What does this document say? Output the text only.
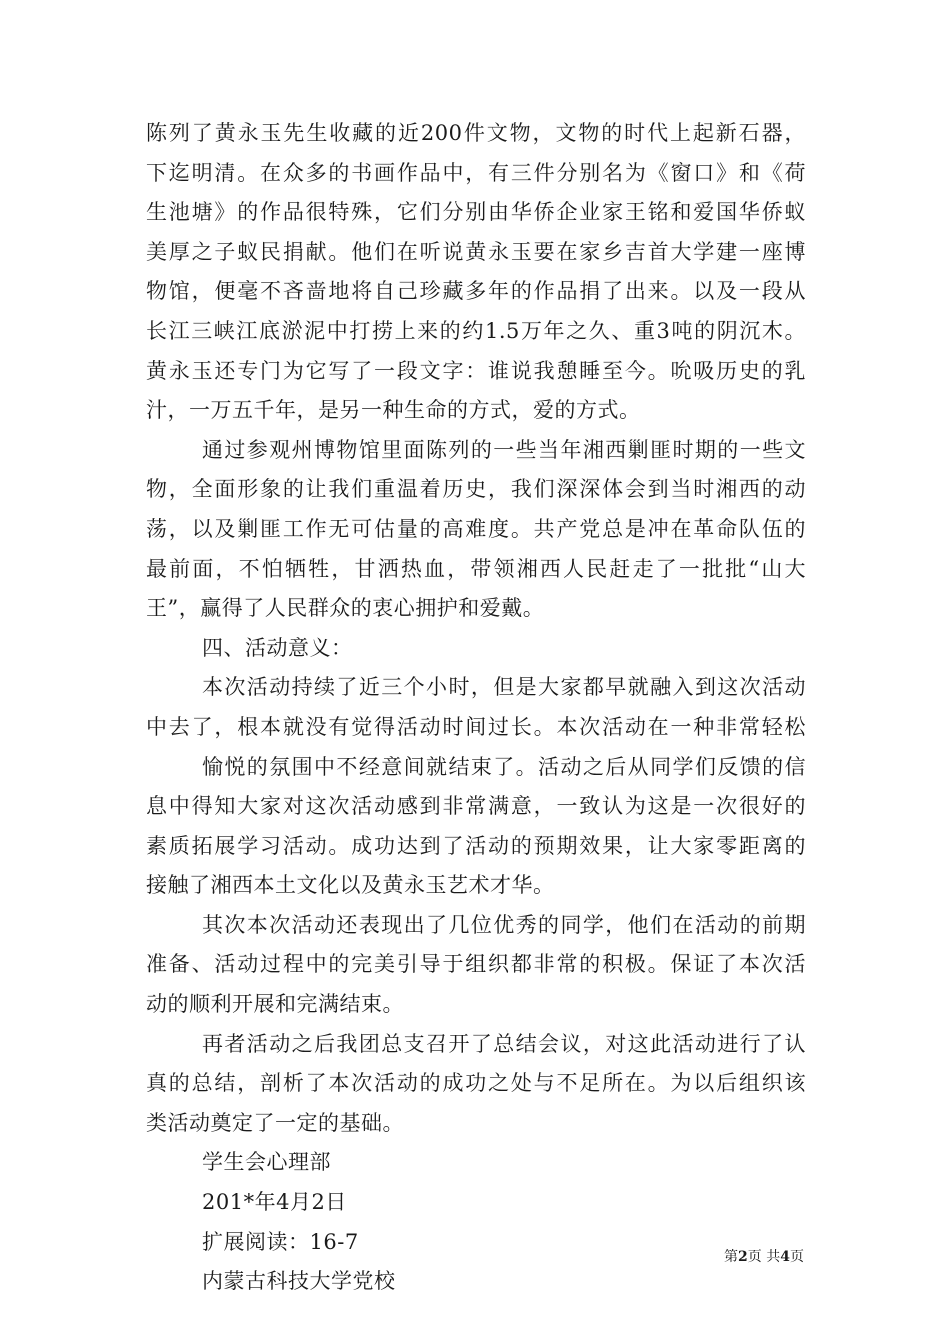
陈列了黄永玉先生收藏的近200件文物，文物的时代上起新石器，
下迄明清。在众多的书画作品中，有三件分别名为《窗口》和《荷
生池塘》的作品很特殊，它们分别由华侨企业家王铭和爱国华侨蚁
美厚之子蚁民捐献。他们在听说黄永玉要在家乡吉首大学建一座博
物馆，便毫不吝啬地将自己珍藏多年的作品捐了出来。以及一段从
长江三峡江底淤泥中打捞上来的约1.5万年之久、重3吨的阴沉木。
黄永玉还专门为它写了一段文字：谁说我憩睡至今。吮吸历史的乳
汁，一万五千年，是另一种生命的方式，爱的方式。
通过参观州博物馆里面陈列的一些当年湘西剿匪时期的一些文
物，全面形象的让我们重温着历史，我们深深体会到当时湘西的动
荡，以及剿匪工作无可估量的高难度。共产党总是冲在革命队伍的
最前面，不怕牺牲，甘洒热血，带领湘西人民赶走了一批批“山大
王”，赢得了人民群众的衷心拥护和爱戴。
四、活动意义：
本次活动持续了近三个小时，但是大家都早就融入到这次活动
中去了，根本就没有觉得活动时间过长。本次活动在一种非常轻松
愉悦的氛围中不经意间就结束了。活动之后从同学们反馈的信
息中得知大家对这次活动感到非常满意，一致认为这是一次很好的
素质拓展学习活动。成功达到了活动的预期效果，让大家零距离的
接触了湘西本土文化以及黄永玉艺术才华。
其次本次活动还表现出了几位优秀的同学，他们在活动的前期
准备、活动过程中的完美引导于组织都非常的积极。保证了本次活
动的顺利开展和完满结束。
再者活动之后我团总支召开了总结会议，对这此活动进行了认
真的总结，剖析了本次活动的成功之处与不足所在。为以后组织该
类活动奠定了一定的基础。
学生会心理部
201*年4月2日
扩展阅读：16-7
内蒙古科技大学党校
第2页 共4页
